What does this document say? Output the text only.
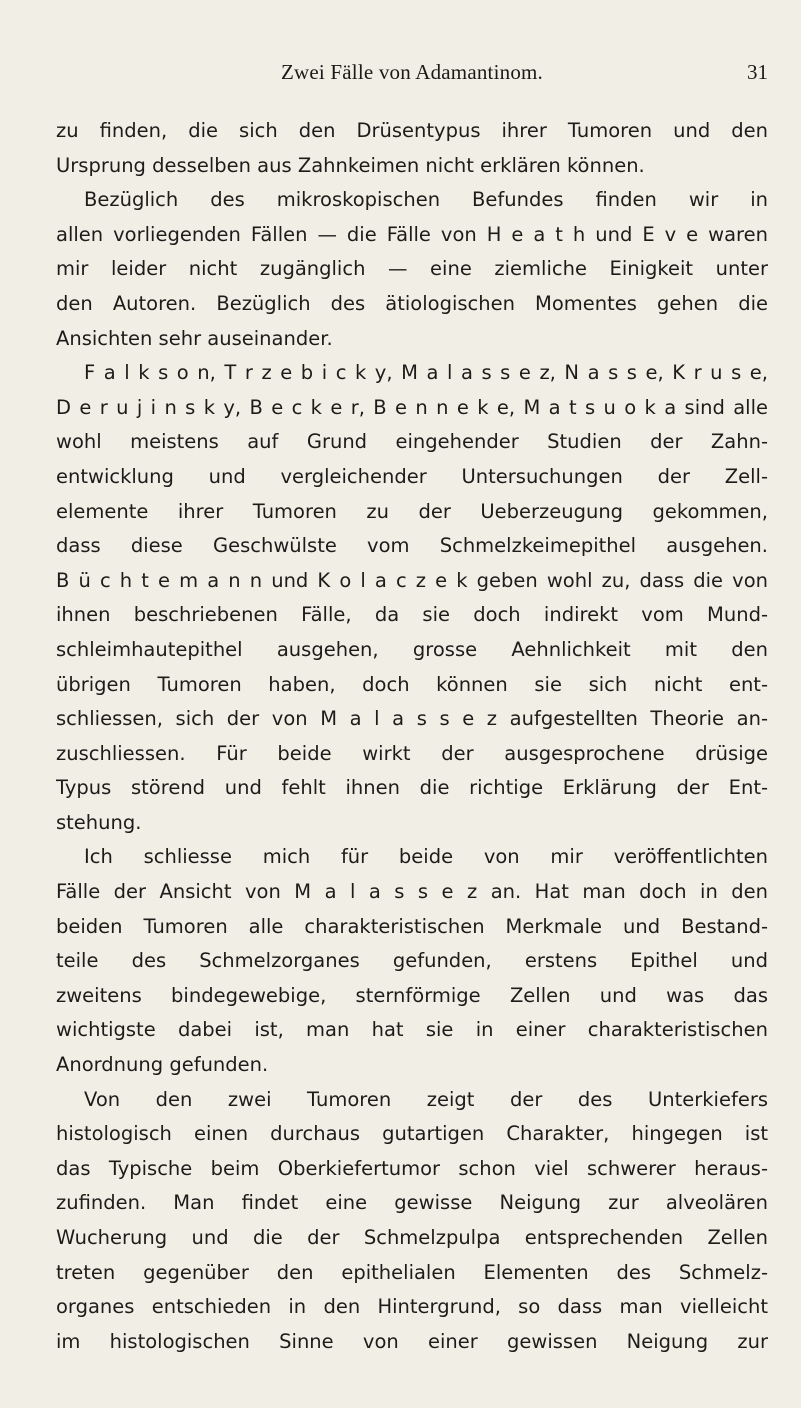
Zwei Fälle von Adamantinom.	31
zu finden, die sich den Drüsentypus ihrer Tumoren und den
Ursprung desselben aus Zahnkeimen nicht erklären können.
Bezüglich des mikroskopischen Befundes finden wir in
allen vorliegenden Fällen — die Fälle von H e a t h und E v e waren
mir leider nicht zugänglich — eine ziemliche Einigkeit unter
den Autoren. Bezüglich des ätiologischen Momentes gehen die
Ansichten sehr auseinander.
F a l k s o n, T r z e b i c k y, M a l a s s e z, N a s s e, K r u s e,
D e r u j i n s k y, B e c k e r, B e n n e k e, M a t s u o k a sind alle
wohl meistens auf Grund eingehender Studien der Zahn-
entwicklung und vergleichender Untersuchungen der Zell-
elemente ihrer Tumoren zu der Ueberzeugung gekommen,
dass diese Geschwülste vom Schmelzkeimepithel ausgehen.
B ü c h t e m a n n und K o l a c z e k geben wohl zu, dass die von
ihnen beschriebenen Fälle, da sie doch indirekt vom Mund-
schleimhautepithel ausgehen, grosse Aehnlichkeit mit den
übrigen Tumoren haben, doch können sie sich nicht ent-
schliessen, sich der von M a l a s s e z aufgestellten Theorie an-
zuschliessen. Für beide wirkt der ausgesprochene drüsige
Typus störend und fehlt ihnen die richtige Erklärung der Ent-
stehung.
Ich schliesse mich für beide von mir veröffentlichten
Fälle der Ansicht von M a l a s s e z an. Hat man doch in den
beiden Tumoren alle charakteristischen Merkmale und Bestand-
teile des Schmelzorganes gefunden, erstens Epithel und
zweitens bindegewebige, sternförmige Zellen und was das
wichtigste dabei ist, man hat sie in einer charakteristischen
Anordnung gefunden.
Von den zwei Tumoren zeigt der des Unterkiefers
histologisch einen durchaus gutartigen Charakter, hingegen ist
das Typische beim Oberkiefertumor schon viel schwerer heraus-
zufinden. Man findet eine gewisse Neigung zur alveolären
Wucherung und die der Schmelzpulpa entsprechenden Zellen
treten gegenüber den epithelialen Elementen des Schmelz-
organes entschieden in den Hintergrund, so dass man vielleicht
im histologischen Sinne von einer gewissen Neigung zur
